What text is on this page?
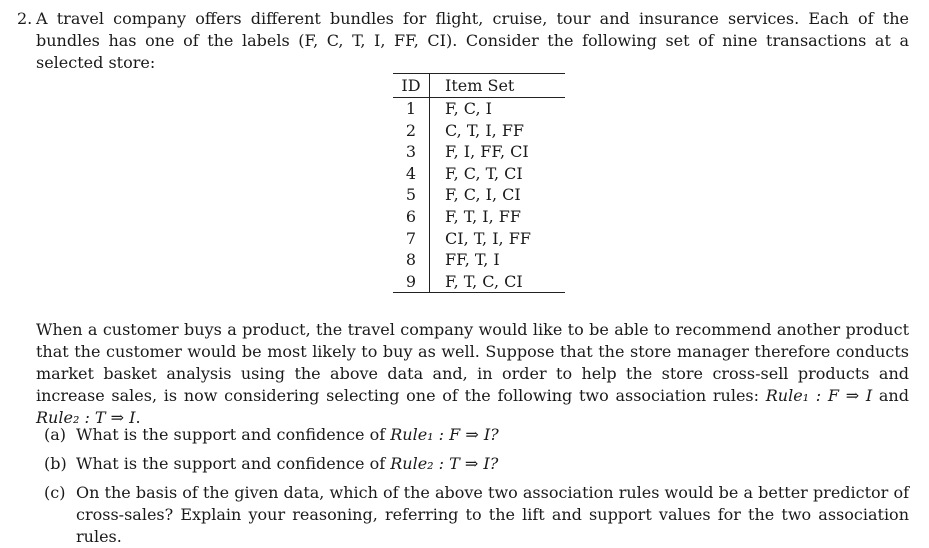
2. A travel company offers different bundles for flight, cruise, tour and insurance services. Each of the bundles has one of the labels (F, C, T, I, FF, CI). Consider the following set of nine transactions at a selected store:
ID	Item Set
1	F, C, I
2	C, T, I, FF
3	F, I, FF, CI
4	F, C, T, CI
5	F, C, I, CI
6	F, T, I, FF
7	CI, T, I, FF
8	FF, T, I
9	F, T, C, CI
When a customer buys a product, the travel company would like to be able to recommend another product that the customer would be most likely to buy as well. Suppose that the store manager therefore conducts market basket analysis using the above data and, in order to help the store cross-sell products and increase sales, is now considering selecting one of the following two association rules: Rule₁ : F ⇒ I and Rule₂ : T ⇒ I.
(a) What is the support and confidence of Rule₁ : F ⇒ I?
(b) What is the support and confidence of Rule₂ : T ⇒ I?
(c) On the basis of the given data, which of the above two association rules would be a better predictor of cross-sales? Explain your reasoning, referring to the lift and support values for the two association rules.
